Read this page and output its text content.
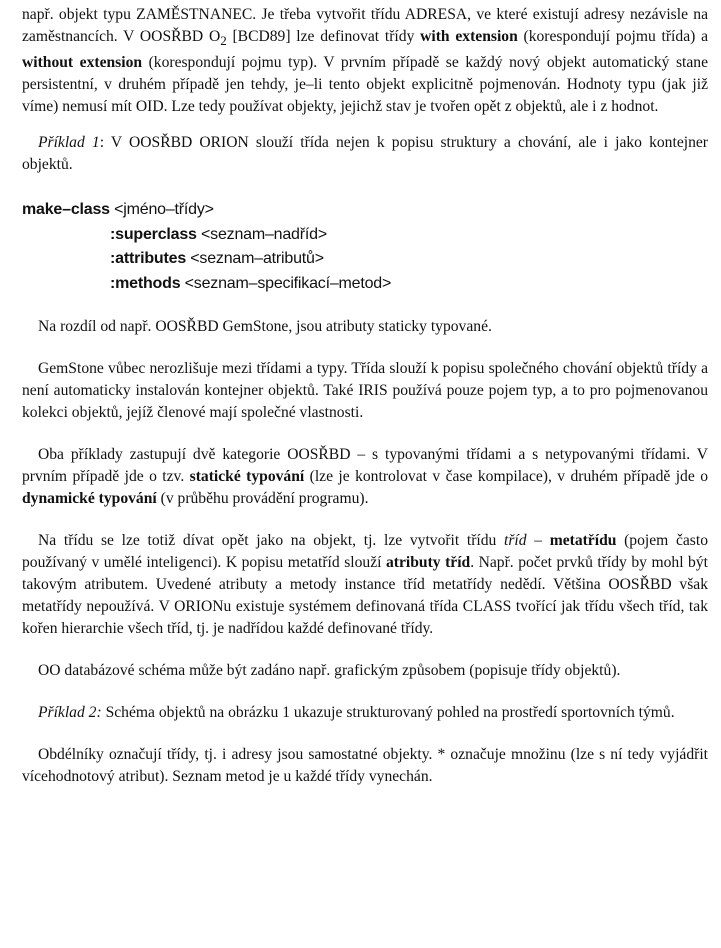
např. objekt typu ZAMĚSTNANEC. Je třeba vytvořit třídu ADRESA, ve které existují adresy nezávisle na zaměstnancích. V OOSŘBD $O_2$ [BCD89] lze definovat třídy with extension (korespondují pojmu třída) a without extension (korespondují pojmu typ). V prvním případě se každý nový objekt automatický stane persistentní, v druhém případě jen tehdy, je–li tento objekt explicitně pojmenován. Hodnoty typu (jak již víme) nemusí mít OID. Lze tedy používat objekty, jejichž stav je tvořen opět z objektů, ale i z hodnot.

Příklad 1: V OOSŘBD ORION slouží třída nejen k popisu struktury a chování, ale i jako kontejner objektů.

make–class <jméno–třídy>
:superclass <seznam–nadříd>
:attributes <seznam–atributů>
:methods <seznam–specifikací–metod>

Na rozdíl od např. OOSŘBD GemStone, jsou atributy staticky typované.

GemStone vůbec nerozlišuje mezi třídami a typy. Třída slouží k popisu společného chování objektů třídy a není automaticky instalován kontejner objektů. Také IRIS používá pouze pojem typ, a to pro pojmenovanou kolekci objektů, jejíž členové mají společné vlastnosti.

Oba příklady zastupují dvě kategorie OOSŘBD – s typovanými třídami a s netypovanými třídami. V prvním případě jde o tzv. statické typování (lze je kontrolovat v čase kompilace), v druhém případě jde o dynamické typování (v průběhu provádění programu).

Na třídu se lze totiž dívat opět jako na objekt, tj. lze vytvořit třídu tříd – metatřídu (pojem často používaný v umělé inteligenci). K popisu metatříd slouží atributy tříd. Např. počet prvků třídy by mohl být takovým atributem. Uvedené atributy a metody instance tříd metatřídy nedědí. Většina OOSŘBD však metatřídy nepoužívá. V ORIONu existuje systémem definovaná třída CLASS tvořící jak třídu všech tříd, tak kořen hierarchie všech tříd, tj. je nadřídou každé definované třídy.

OO databázové schéma může být zadáno např. grafickým způsobem (popisuje třídy objektů).

Příklad 2: Schéma objektů na obrázku 1 ukazuje strukturovaný pohled na prostředí sportovních týmů.

Obdélníky označují třídy, tj. i adresy jsou samostatné objekty. * označuje množinu (lze s ní tedy vyjádřit vícehodnotový atribut). Seznam metod je u každé třídy vynechán.
